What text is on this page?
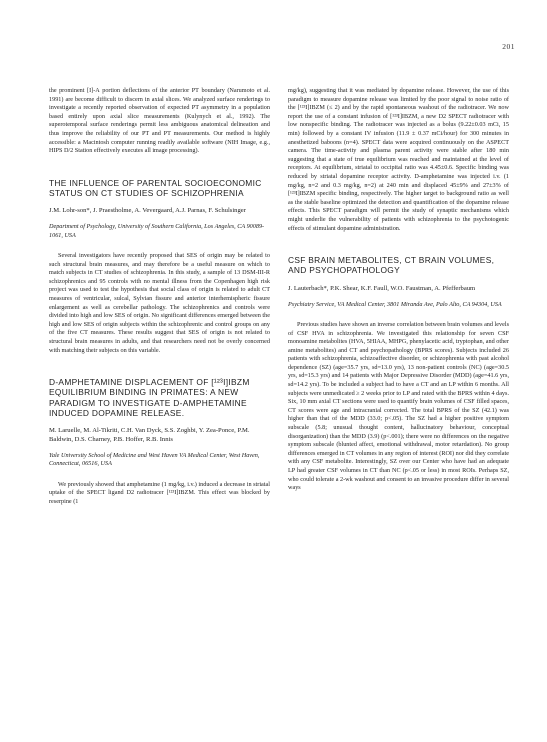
201

the prominent [I]-A portion deflections of the anterior PT boundary (Narumoto et al. 1991) are become difficult to discern in axial slices. We analyzed surface renderings to investigate a recently reported observation of expected PT asymmetry in a population based entirely upon axial slice measurements (Kulynych et al., 1992). The superotemporal surface renderings permit less ambiguous anatomical delineation and thus improve the reliability of our PT and PT measurements. Our method is highly accessible: a Macintosh computer running readily available software (NIH Image, e.g., HIPS D/2 Station effectively executes all image processing).

THE INFLUENCE OF PARENTAL SOCIOECONOMIC STATUS ON CT STUDIES OF SCHIZOPHRENIA
J.M. Lohr-son*, J. Praestholme, A. Vevergaard, A.J. Parnas, F. Schulsinger
Department of Psychology, University of Southern California, Los Angeles, CA 90089-1061, USA

Several investigators have recently proposed that SES of origin may be related to such structural brain measures, and may therefore be a useful measure on which to match subjects in CT studies of schizophrenia. In this study, a sample of 13 DSM-III-R schizophrenics and 95 controls with no mental illness from the Copenhagen high risk project was used to test the hypothesis that social class of origin is related to adult CT measures of ventricular, sulcal, Sylvian fissure and anterior interhemispheric fissure enlargement as well as cerebellar pathology. The schizophrenics and controls were divided into high and low SES of origin. No significant differences emerged between the high and low SES of origin subjects within the schizophrenic and control groups on any of the five CT measures. These results suggest that SES of origin is not related to structural brain measures in adults, and that researchers need not be overly concerned with matching their subjects on this variable.

D-AMPHETAMINE DISPLACEMENT OF [¹²³I]IBZM EQUILIBRIUM BINDING IN PRIMATES: A NEW PARADIGM TO INVESTIGATE D-AMPHETAMINE INDUCED DOPAMINE RELEASE.
M. Laruelle, M. Al-Tikriti, C.H. Van Dyck, S.S. Zoghbi, Y. Zea-Ponce, P.M. Baldwin, D.S. Charney, P.B. Hoffer, R.B. Innis
Yale University School of Medicine and West Haven VA Medical Center, West Haven, Connecticut, 06516, USA

We previously showed that amphetamine (1 mg/kg, i.v.) induced a decrease in striatal uptake of the SPECT ligand D2 radiotracer [¹²³I]IBZM. This effect was blocked by reserpine (1

mg/kg), suggesting that it was mediated by dopamine release. However, the use of this paradigm to measure dopamine release was limited by the poor signal to noise ratio of the [¹²³I]IBZM (≤ 2) and by the rapid spontaneous washout of the radiotracer. We now report the use of a constant infusion of [¹²³I]IBZM, a new D2 SPECT radiotracer with low nonspecific binding. The radiotracer was injected as a bolus (9.22±0.03 mCi, 15 min) followed by a constant IV infusion (11.9 ± 0.37 mCi/hour) for 300 minutes in anesthetized baboons (n=4). SPECT data were acquired continuously on the ASPECT camera. The time-activity and plasma parent activity were stable after 180 min suggesting that a state of true equilibrium was reached and maintained at the level of receptors. At equilibrium, striatal to occipital ratio was 4.45±0.6. Specific binding was reduced by striatal dopamine receptor activity. D-amphetamine was injected i.v. (1 mg/kg, n=2 and 0.3 mg/kg, n=2) at 240 min and displaced 45±9% and 27±3% of [¹²³I]IBZM specific binding, respectively. The higher target to background ratio as well as the stable baseline optimized the detection and quantification of the dopamine release effects. This SPECT paradigm will permit the study of synaptic mechanisms which might underlie the vulnerability of patients with schizophrenia to the psychotogenic effects of stimulant dopamine administration.

CSF BRAIN METABOLITES, CT BRAIN VOLUMES, AND PSYCHOPATHOLOGY
J. Lauterbach*, P.K. Shear, K.F. Faull, W.O. Faustman, A. Pfefferbaum
Psychiatry Service, VA Medical Center, 3801 Miranda Ave, Palo Alto, CA 94304, USA

Previous studies have shown an inverse correlation between brain volumes and levels of CSF HVA in schizophrenia. We investigated this relationship for seven CSF monoamine metabolites (HVA, 5HIAA, MHPG, phenylacetic acid, tryptophan, and other amine metabolites) and CT and psychopathology (BPRS scores). Subjects included 26 patients with schizophrenia, schizoaffective disorder, or schizophrenia with past alcohol dependence (SZ) (age=35.7 yrs, sd=13.0 yrs), 13 non-patient controls (NC) (age=30.5 yrs, sd=15.3 yrs) and 14 patients with Major Depressive Disorder (MDD) (age=41.6 yrs, sd=14.2 yrs). To be included a subject had to have a CT and an LP within 6 months. All subjects were unmedicated ≥ 2 weeks prior to LP and rated with the BPRS within 4 days. Six, 10 mm axial CT sections were used to quantify brain volumes of CSF filled spaces, CT scores were age and intracranial corrected. The total BPRS of the SZ (42.1) was higher than that of the MDD (33.0; p<.05). The SZ had a higher positive symptom subscale (5.8; unusual thought content, hallucinatory behaviour, conceptual disorganization) than the MDD (3.9) (p<.001); there were no differences on the negative symptom subscale (blunted affect, emotional withdrawal, motor retardation). No group differences emerged in CT volumes in any region of interest (ROI) nor did they correlate with any CSF metabolite. Interestingly, SZ over our Center who have had an adequate LP had greater CSF volumes in CT than NC (p<.05 or less) in most ROIs. Perhaps SZ, who could tolerate a 2-wk washout and consent to an invasive procedure differ in several ways
